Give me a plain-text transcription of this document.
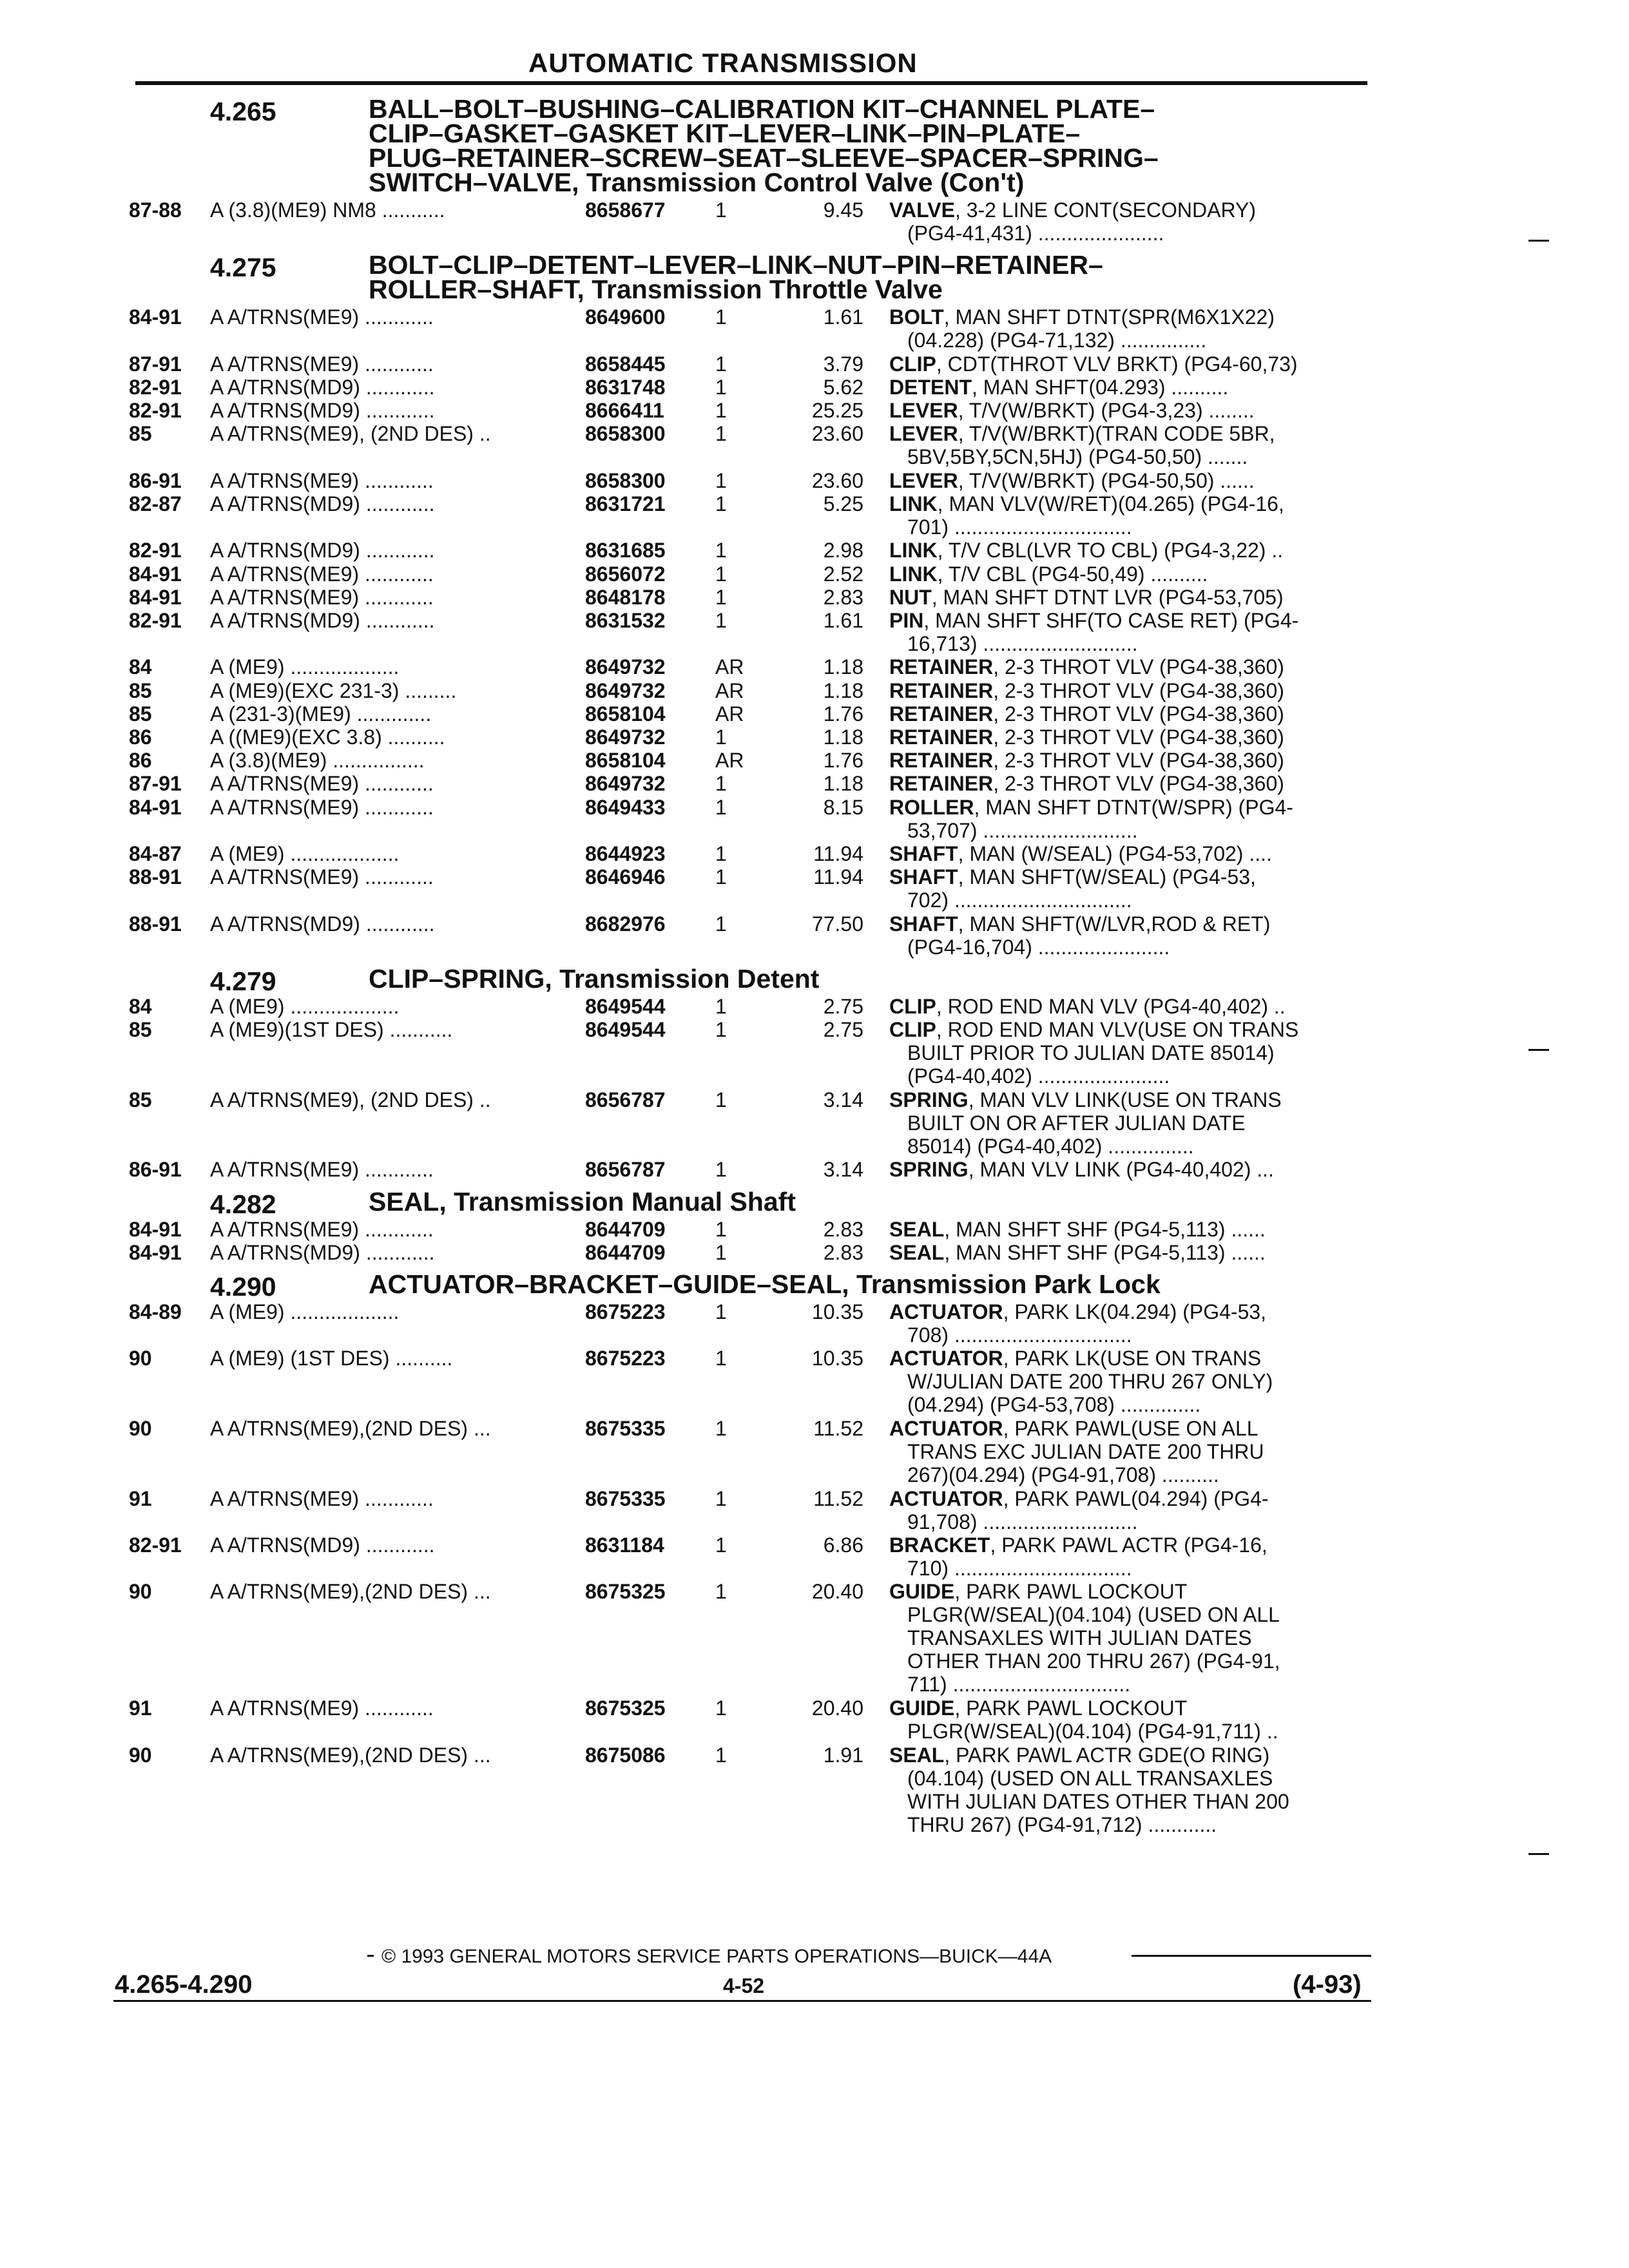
AUTOMATIC TRANSMISSION
4.265	BALL–BOLT–BUSHING–CALIBRATION KIT–CHANNEL PLATE–
CLIP–GASKET–GASKET KIT–LEVER–LINK–PIN–PLATE–
PLUG–RETAINER–SCREW–SEAT–SLEEVE–SPACER–SPRING–
SWITCH–VALVE, Transmission Control Valve (Con't)
87-88 A (3.8)(ME9) NM8 ...........	8658677 1	9.45 VALVE, 3-2 LINE CONT(SECONDARY)
(PG4-41,431) ......................
4.275	BOLT–CLIP–DETENT–LEVER–LINK–NUT–PIN–RETAINER–
ROLLER–SHAFT, Transmission Throttle Valve
84-91 A A/TRNS(ME9) ............	8649600 1	1.61 BOLT, MAN SHFT DTNT(SPR(M6X1X22)
(04.228) (PG4-71,132) ...............
87-91 A A/TRNS(ME9) ............	8658445 1	3.79 CLIP, CDT(THROT VLV BRKT) (PG4-60,73)
82-91 A A/TRNS(MD9) ............	8631748 1	5.62 DETENT, MAN SHFT(04.293) ..........
82-91 A A/TRNS(MD9) ............	8666411 1	25.25 LEVER, T/V(W/BRKT) (PG4-3,23) ........
85	A A/TRNS(ME9), (2ND DES) ..	8658300 1	23.60 LEVER, T/V(W/BRKT)(TRAN CODE 5BR,
5BV,5BY,5CN,5HJ) (PG4-50,50) .......
86-91 A A/TRNS(ME9) ............	8658300 1	23.60 LEVER, T/V(W/BRKT) (PG4-50,50) ......
82-87 A A/TRNS(MD9) ............	8631721 1	5.25 LINK, MAN VLV(W/RET)(04.265) (PG4-16,
701) ...............................
82-91 A A/TRNS(MD9) ............	8631685 1	2.98 LINK, T/V CBL(LVR TO CBL) (PG4-3,22) ..
84-91 A A/TRNS(ME9) ............	8656072 1	2.52 LINK, T/V CBL (PG4-50,49) ..........
84-91 A A/TRNS(ME9) ............	8648178 1	2.83 NUT, MAN SHFT DTNT LVR (PG4-53,705)
82-91 A A/TRNS(MD9) ............	8631532 1	1.61 PIN, MAN SHFT SHF(TO CASE RET) (PG4-
16,713) ...........................
84	A (ME9) ...................	8649732 AR	1.18 RETAINER, 2-3 THROT VLV (PG4-38,360)
85	A (ME9)(EXC 231-3) .........	8649732 AR	1.18 RETAINER, 2-3 THROT VLV (PG4-38,360)
85	A (231-3)(ME9) .............	8658104 AR	1.76 RETAINER, 2-3 THROT VLV (PG4-38,360)
86	A ((ME9)(EXC 3.8) ..........	8649732 1	1.18 RETAINER, 2-3 THROT VLV (PG4-38,360)
86	A (3.8)(ME9) ................	8658104 AR	1.76 RETAINER, 2-3 THROT VLV (PG4-38,360)
87-91 A A/TRNS(ME9) ............	8649732 1	1.18 RETAINER, 2-3 THROT VLV (PG4-38,360)
84-91 A A/TRNS(ME9) ............	8649433 1	8.15 ROLLER, MAN SHFT DTNT(W/SPR) (PG4-
53,707) ...........................
84-87 A (ME9) ...................	8644923 1	11.94 SHAFT, MAN (W/SEAL) (PG4-53,702) ....
88-91 A A/TRNS(ME9) ............	8646946 1	11.94 SHAFT, MAN SHFT(W/SEAL) (PG4-53,
702) ...............................
88-91 A A/TRNS(MD9) ............	8682976 1	77.50 SHAFT, MAN SHFT(W/LVR,ROD & RET)
(PG4-16,704) .......................
4.279	CLIP–SPRING, Transmission Detent
84	A (ME9) ...................	8649544 1	2.75 CLIP, ROD END MAN VLV (PG4-40,402) ..
85	A (ME9)(1ST DES) ...........	8649544 1	2.75 CLIP, ROD END MAN VLV(USE ON TRANS
BUILT PRIOR TO JULIAN DATE 85014)
(PG4-40,402) .......................
85	A A/TRNS(ME9), (2ND DES) ..	8656787 1	3.14 SPRING, MAN VLV LINK(USE ON TRANS
BUILT ON OR AFTER JULIAN DATE
85014) (PG4-40,402) ...............
86-91 A A/TRNS(ME9) ............	8656787 1	3.14 SPRING, MAN VLV LINK (PG4-40,402) ...
4.282	SEAL, Transmission Manual Shaft
84-91 A A/TRNS(ME9) ............	8644709 1	2.83 SEAL, MAN SHFT SHF (PG4-5,113) ......
84-91 A A/TRNS(MD9) ............	8644709 1	2.83 SEAL, MAN SHFT SHF (PG4-5,113) ......
4.290	ACTUATOR–BRACKET–GUIDE–SEAL, Transmission Park Lock
84-89 A (ME9) ...................	8675223 1	10.35 ACTUATOR, PARK LK(04.294) (PG4-53,
708) ...............................
90	A (ME9) (1ST DES) ..........	8675223 1	10.35 ACTUATOR, PARK LK(USE ON TRANS
W/JULIAN DATE 200 THRU 267 ONLY)
(04.294) (PG4-53,708) ..............
90	A A/TRNS(ME9),(2ND DES) ...	8675335 1	11.52 ACTUATOR, PARK PAWL(USE ON ALL
TRANS EXC JULIAN DATE 200 THRU
267)(04.294) (PG4-91,708) ..........
91	A A/TRNS(ME9) ............	8675335 1	11.52 ACTUATOR, PARK PAWL(04.294) (PG4-
91,708) ...........................
82-91 A A/TRNS(MD9) ............	8631184 1	6.86 BRACKET, PARK PAWL ACTR (PG4-16,
710) ...............................
90	A A/TRNS(ME9),(2ND DES) ...	8675325 1	20.40 GUIDE, PARK PAWL LOCKOUT
PLGR(W/SEAL)(04.104) (USED ON ALL
TRANSAXLES WITH JULIAN DATES
OTHER THAN 200 THRU 267) (PG4-91,
711) ...............................
91	A A/TRNS(ME9) ............	8675325 1	20.40 GUIDE, PARK PAWL LOCKOUT
PLGR(W/SEAL)(04.104) (PG4-91,711) ..
90	A A/TRNS(ME9),(2ND DES) ...	8675086 1	1.91 SEAL, PARK PAWL ACTR GDE(O RING)
(04.104) (USED ON ALL TRANSAXLES
WITH JULIAN DATES OTHER THAN 200
THRU 267) (PG4-91,712) ............
© 1993 GENERAL MOTORS SERVICE PARTS OPERATIONS—BUICK—44A
4.265-4.290	4-52	(4-93)
